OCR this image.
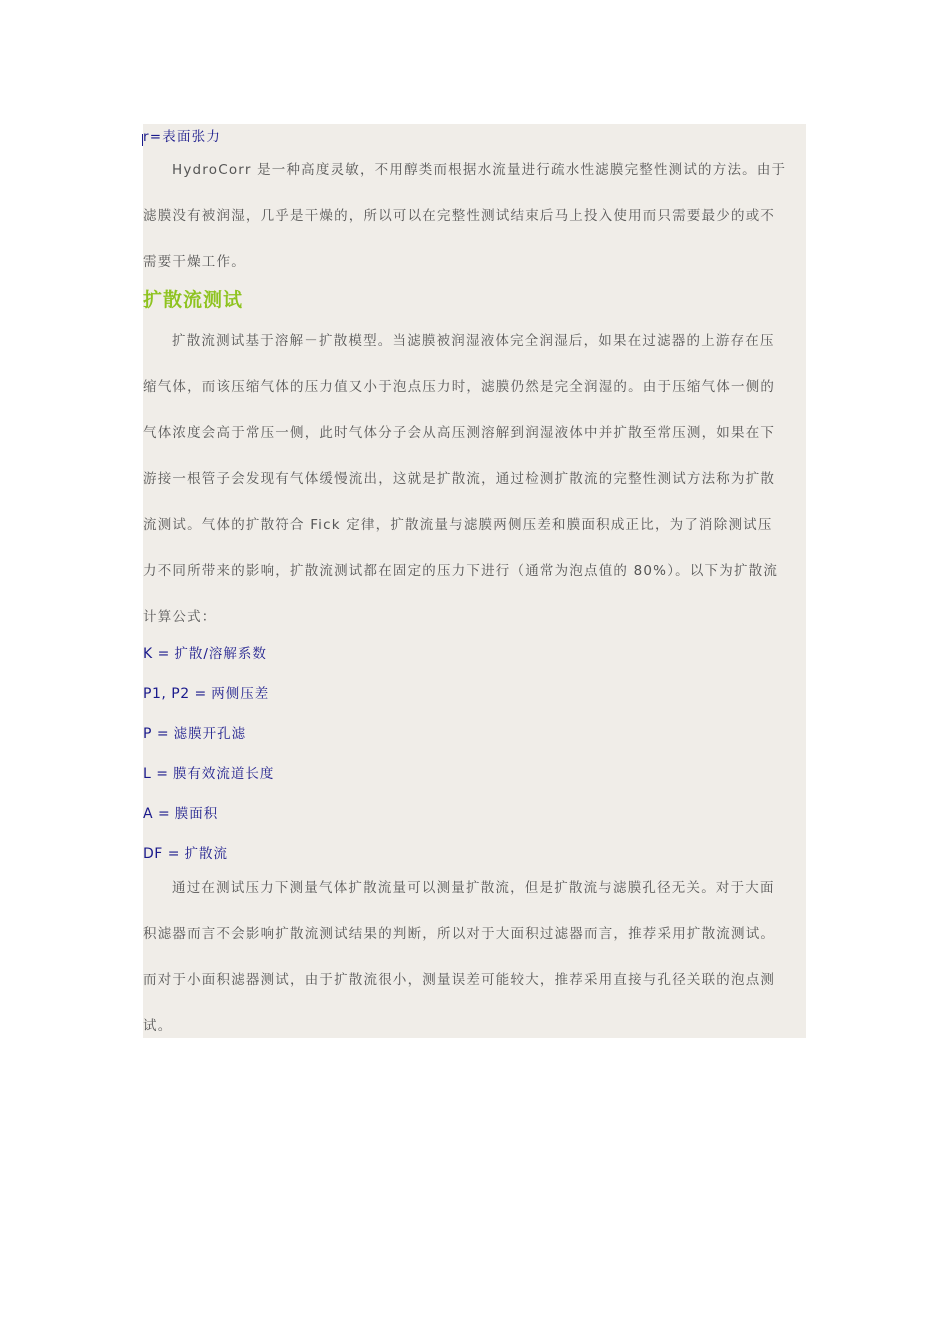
r=表面张力

HydroCorr 是一种高度灵敏，不用醇类而根据水流量进行疏水性滤膜完整性测试的方法。由于

滤膜没有被润湿，几乎是干燥的，所以可以在完整性测试结束后马上投入使用而只需要最少的或不

需要干燥工作。

扩散流测试

扩散流测试基于溶解－扩散模型。当滤膜被润湿液体完全润湿后，如果在过滤器的上游存在压

缩气体，而该压缩气体的压力值又小于泡点压力时，滤膜仍然是完全润湿的。由于压缩气体一侧的

气体浓度会高于常压一侧，此时气体分子会从高压测溶解到润湿液体中并扩散至常压测，如果在下

游接一根管子会发现有气体缓慢流出，这就是扩散流，通过检测扩散流的完整性测试方法称为扩散

流测试。气体的扩散符合 Fick 定律，扩散流量与滤膜两侧压差和膜面积成正比，为了消除测试压

力不同所带来的影响，扩散流测试都在固定的压力下进行（通常为泡点值的 80%）。以下为扩散流

计算公式：

K = 扩散/溶解系数

P1, P2 = 两侧压差

P = 滤膜开孔滤

L = 膜有效流道长度

A = 膜面积

DF = 扩散流

通过在测试压力下测量气体扩散流量可以测量扩散流，但是扩散流与滤膜孔径无关。对于大面

积滤器而言不会影响扩散流测试结果的判断，所以对于大面积过滤器而言，推荐采用扩散流测试。

而对于小面积滤器测试，由于扩散流很小，测量误差可能较大，推荐采用直接与孔径关联的泡点测

试。
